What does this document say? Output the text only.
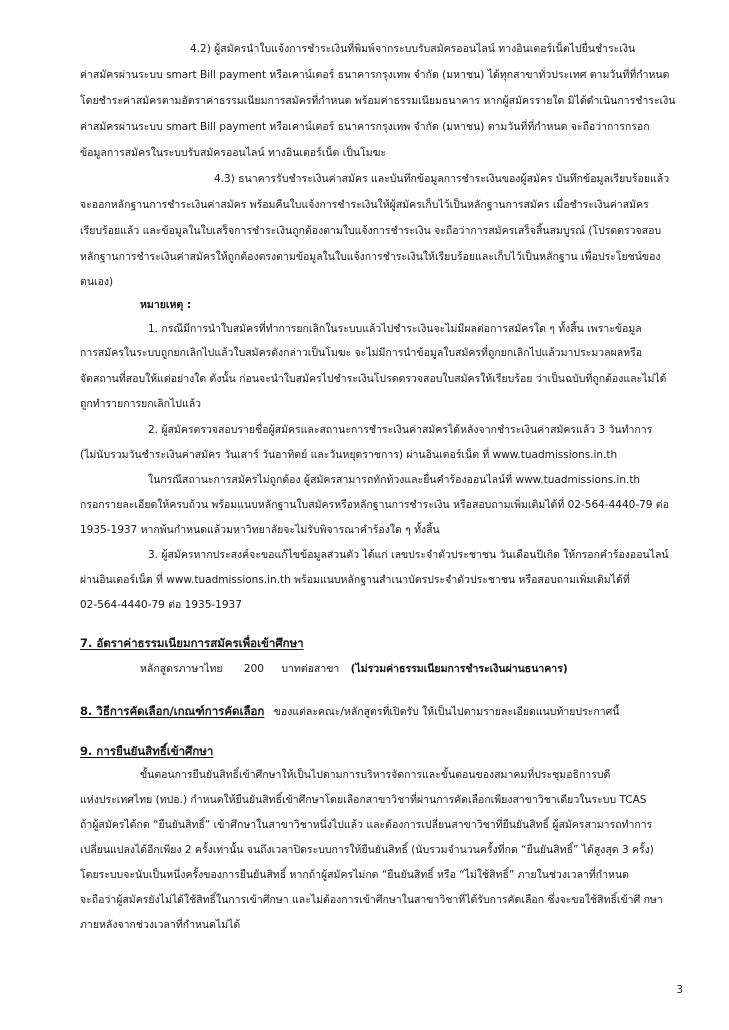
4.2) ผู้สมัครนำใบแจ้งการชำระเงินที่พิมพ์จากระบบรับสมัครออนไลน์ ทางอินเตอร์เน็ตไปยื่นชำระเงิน
ค่าสมัครผ่านระบบ smart Bill payment หรือเคาน์เตอร์ ธนาคารกรุงเทพ จำกัด (มหาชน) ได้ทุกสาขาทั่วประเทศ ตามวันที่ที่กำหนด
โดยชำระค่าสมัครตามอัตราค่าธรรมเนียมการสมัครที่กำหนด พร้อมค่าธรรมเนียมธนาคาร หากผู้สมัครรายใด มิได้ดำเนินการชำระเงิน
ค่าสมัครผ่านระบบ smart Bill payment หรือเคาน์เตอร์ ธนาคารกรุงเทพ จำกัด (มหาชน) ตามวันที่ที่กำหนด จะถือว่าการกรอก
ข้อมูลการสมัครในระบบรับสมัครออนไลน์ ทางอินเตอร์เน็ต เป็นโมฆะ
4.3) ธนาคารรับชำระเงินค่าสมัคร และบันทึกข้อมูลการชำระเงินของผู้สมัคร บันทึกข้อมูลเรียบร้อยแล้ว
จะออกหลักฐานการชำระเงินค่าสมัคร พร้อมคืนใบแจ้งการชำระเงินให้ผู้สมัครเก็บไว้เป็นหลักฐานการสมัคร เมื่อชำระเงินค่าสมัคร
เรียบร้อยแล้ว และข้อมูลในใบเสร็จการชำระเงินถูกต้องตามใบแจ้งการชำระเงิน จะถือว่าการสมัครเสร็จสิ้นสมบูรณ์ (โปรดตรวจสอบ
หลักฐานการชำระเงินค่าสมัครให้ถูกต้องตรงตามข้อมูลในใบแจ้งการชำระเงินให้เรียบร้อยและเก็บไว้เป็นหลักฐาน เพื่อประโยชน์ของ
ตนเอง)
หมายเหตุ :
1. กรณีมีการนำใบสมัครที่ทำการยกเลิกในระบบแล้วไปชำระเงินจะไม่มีผลต่อการสมัครใด ๆ ทั้งสิ้น เพราะข้อมูล
การสมัครในระบบถูกยกเลิกไปแล้วใบสมัครดังกล่าวเป็นโมฆะ จะไม่มีการนำข้อมูลใบสมัครที่ถูกยกเลิกไปแล้วมาประมวลผลหรือ
จัดสถานที่สอบให้แต่อย่างใด ดังนั้น ก่อนจะนำใบสมัครไปชำระเงินโปรดตรวจสอบใบสมัครให้เรียบร้อย ว่าเป็นฉบับที่ถูกต้องและไม่ได้
ถูกทำรายการยกเลิกไปแล้ว
2. ผู้สมัครตรวจสอบรายชื่อผู้สมัครและสถานะการชำระเงินค่าสมัครได้หลังจากชำระเงินค่าสมัครแล้ว 3 วันทำการ
(ไม่นับรวมวันชำระเงินค่าสมัคร วันเสาร์ วันอาทิตย์ และวันหยุดราชการ) ผ่านอินเตอร์เน็ต ที่ www.tuadmissions.in.th
ในกรณีสถานะการสมัครไม่ถูกต้อง ผู้สมัครสามารถทักท้วงและยื่นคำร้องออนไลน์ที่ www.tuadmissions.in.th
กรอกรายละเอียดให้ครบถ้วน พร้อมแนบหลักฐานใบสมัครหรือหลักฐานการชำระเงิน หรือสอบถามเพิ่มเติมได้ที่ 02-564-4440-79 ต่อ
1935-1937 หากพ้นกำหนดแล้วมหาวิทยาลัยจะไม่รับพิจารณาคำร้องใด ๆ ทั้งสิ้น
3. ผู้สมัครหากประสงค์จะขอแก้ไขข้อมูลส่วนตัว ได้แก่ เลขประจำตัวประชาชน วันเดือนปีเกิด ให้กรอกคำร้องออนไลน์
ผ่านอินเตอร์เน็ต ที่ www.tuadmissions.in.th พร้อมแนบหลักฐานสำเนาบัตรประจำตัวประชาชน หรือสอบถามเพิ่มเติมได้ที่
02-564-4440-79 ต่อ 1935-1937
7. อัตราค่าธรรมเนียมการสมัครเพื่อเข้าศึกษา
หลักสูตรภาษาไทย 200 บาทต่อสาขา (ไม่รวมค่าธรรมเนียมการชำระเงินผ่านธนาคาร)
8. วิธีการคัดเลือก/เกณฑ์การคัดเลือก ของแต่ละคณะ/หลักสูตรที่เปิดรับ ให้เป็นไปตามรายละเอียดแนบท้ายประกาศนี้
9. การยืนยันสิทธิ์เข้าศึกษา
ขั้นตอนการยืนยันสิทธิ์เข้าศึกษาให้เป็นไปตามการบริหารจัดการและขั้นตอนของสมาคมที่ประชุมอธิการบดี
แห่งประเทศไทย (ทปอ.) กำหนดให้ยืนยันสิทธิ์เข้าศึกษาโดยเลือกสาขาวิชาที่ผ่านการคัดเลือกเพียงสาขาวิชาเดียวในระบบ TCAS
ถ้าผู้สมัครได้กด “ยืนยันสิทธิ์” เข้าศึกษาในสาขาวิชาหนึ่งไปแล้ว และต้องการเปลี่ยนสาขาวิชาที่ยืนยันสิทธิ์ ผู้สมัครสามารถทำการ
เปลี่ยนแปลงได้อีกเพียง 2 ครั้งเท่านั้น จนถึงเวลาปิดระบบการให้ยืนยันสิทธิ์ (นับรวมจำนวนครั้งที่กด “ยืนยันสิทธิ์” ได้สูงสุด 3 ครั้ง)
โดยระบบจะนับเป็นหนึ่งครั้งของการยืนยันสิทธิ์ หากถ้าผู้สมัครไม่กด “ยืนยันสิทธิ์ หรือ “ไม่ใช้สิทธิ์” ภายในช่วงเวลาที่กำหนด
จะถือว่าผู้สมัครยังไม่ได้ใช้สิทธิ์ในการเข้าศึกษา และไม่ต้องการเข้าศึกษาในสาขาวิชาที่ได้รับการคัดเลือก ซึ่งจะขอใช้สิทธิ์เข้าศึ กษา
ภายหลังจากช่วงเวลาที่กำหนดไม่ได้
3
